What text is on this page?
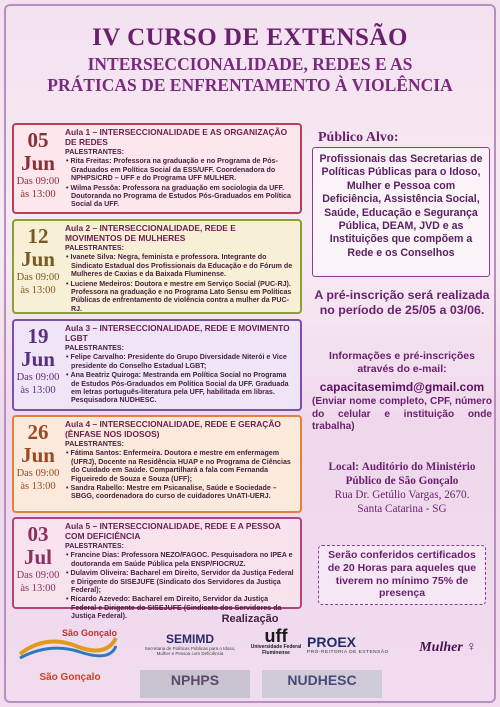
IV CURSO DE EXTENSÃO
INTERSECCIONALIDADE, REDES E AS
PRÁTICAS DE ENFRENTAMENTO À VIOLÊNCIA
05
Jun
Das 09:00
às 13:00
Aula 1 – INTERSECCIONALIDADE E AS ORGANIZAÇÃO DE REDES
PALESTRANTES:
• Rita Freitas: Professora na graduação e no Programa de Pós-Graduados em Política Social da ESS/UFF. Coordenadora do NPHPS/CRD – UFF e do Programa UFF MULHER.
• Wilma Pessôa: Professora na graduação em sociologia da UFF. Doutoranda no Programa de Estudos Pós-Graduados em Política Social da UFF.
12
Jun
Das 09:00
às 13:00
Aula 2 – INTERSECCIONALIDADE, REDE E MOVIMENTOS DE MULHERES
PALESTRANTES:
• Ivanete Silva: Negra, feminista e professora. Integrante do Sindicato Estadual dos Profissionais da Educação e do Fórum de Mulheres de Caxias e da Baixada Fluminense.
• Luciene Medeiros: Doutora e mestre em Serviço Social (PUC-RJ). Professora na graduação e no Programa Lato Sensu em Políticas Públicas de enfrentamento de violência contra a mulher da PUC-RJ.
19
Jun
Das 09:00
às 13:00
Aula 3 – INTERSECCIONALIDADE, REDE E MOVIMENTO LGBT
PALESTRANTES:
• Felipe Carvalho: Presidente do Grupo Diversidade Niterói e Vice presidente do Conselho Estadual LGBT;
• Ana Beatriz Quiroga: Mestranda em Política Social no Programa de Estudos Pós-Graduados em Política Social da UFF. Graduada em letras português-literatura pela UFF, habilitada em libras. Pesquisadora NUDHESC.
26
Jun
Das 09:00
às 13:00
Aula 4 – INTERSECCIONALIDADE, REDE E GERAÇÃO (ÊNFASE NOS IDOSOS)
PALESTRANTES:
• Fátima Santos: Enfermeira. Doutora e mestre em enfermagem (UFRJ), Docente na Residência HUAP e no Programa de Ciências do Cuidado em Saúde. Compartilhará a fala com Fernanda Figueiredo de Souza e Souza (UFF);
• Sandra Rabello: Mestre em Psicanalise, Saúde e Sociedade – SBGG, coordenadora do curso de cuidadores UnATI-UERJ.
03
Jul
Das 09:00
às 13:00
Aula 5 – INTERSECCIONALIDADE, REDE E A PESSOA COM DEFICIÊNCIA
PALESTRANTES:
• Francine Dias: Professora NEZO/FAGOC. Pesquisadora no IPEA e doutoranda em Saúde Pública pela ENSP/FIOCRUZ.
• Dulavim Oliveira: Bacharel em Direito, Servidor da Justiça Federal e Dirigente do SISEJUFE (Sindicato dos Servidores da Justiça Federal);
• Ricardo Azevedo: Bacharel em Direito, Servidor da Justiça Federal e Dirigente do SISEJUFE (Sindicato dos Servidores da Justiça Federal).
Público Alvo:
Profissionais das Secretarias de Políticas Públicas para o Idoso, Mulher e Pessoa com Deficiência, Assistência Social, Saúde, Educação e Segurança Pública, DEAM, JVD e as Instituições que compõem a Rede e os Conselhos
A pré-inscrição será realizada no período de 25/05 a 03/06.
Informações e pré-inscrições através do e-mail:
capacitasemimd@gmail.com
(Enviar nome completo, CPF, número do celular e instituição onde trabalha)
Local: Auditório do Ministério Público de São Gonçalo
Rua Dr. Getúlio Vargas, 2670.
Santa Catarina - SG
Serão conferidos certificados de 20 Horas para aqueles que tiverem no mínimo 75% de presença
Realização
São Gonçalo	SEMIMD
Secretaria de Políticas Públicas para o Idoso, Mulher e Pessoa com Deficiência
uff
Universidade Federal Fluminense
PROEX
PRÓ-REITORIA DE EXTENSÃO	Mulher ♀
São Gonçalo	NPHPS	NUDHESC
